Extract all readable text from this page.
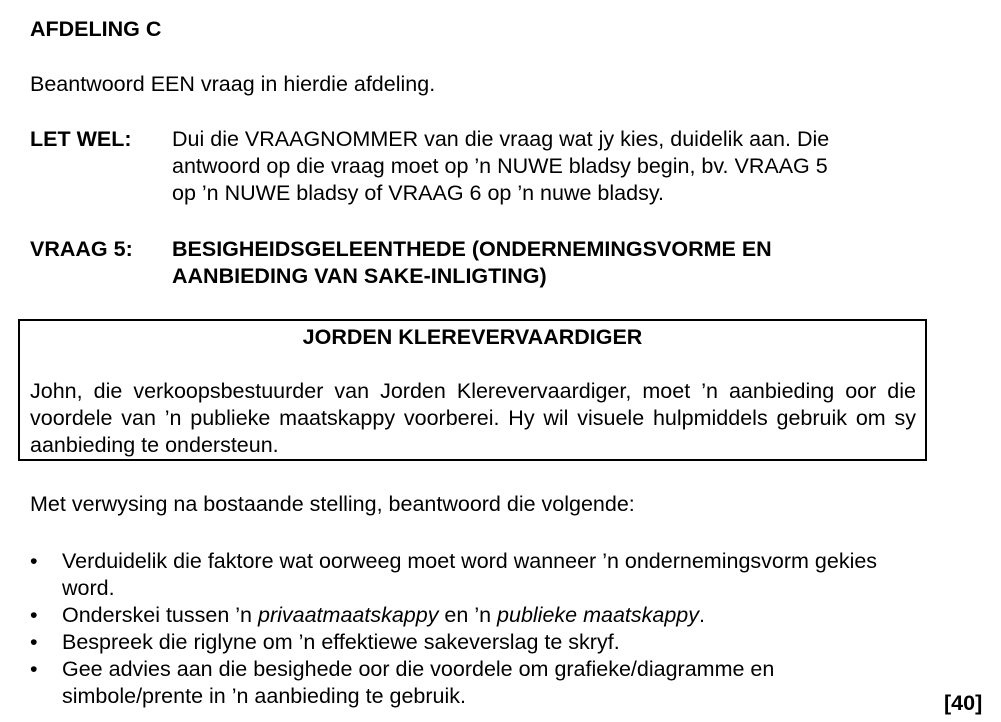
AFDELING C
Beantwoord EEN vraag in hierdie afdeling.
LET WEL: Dui die VRAAGNOMMER van die vraag wat jy kies, duidelik aan. Die
antwoord op die vraag moet op ’n NUWE bladsy begin, bv. VRAAG 5
op ’n NUWE bladsy of VRAAG 6 op ’n nuwe bladsy.
VRAAG 5: BESIGHEIDSGELEENTHEDE (ONDERNEMINGSVORME EN
AANBIEDING VAN SAKE-INLIGTING)
JORDEN KLEREVERVAARDIGER
John, die verkoopsbestuurder van Jorden Klerevervaardiger, moet ’n aanbieding oor die voordele van ’n publieke maatskappy voorberei. Hy wil visuele hulpmiddels gebruik om sy aanbieding te ondersteun.
Met verwysing na bostaande stelling, beantwoord die volgende:
• Verduidelik die faktore wat oorweeg moet word wanneer ’n ondernemingsvorm gekies word.
• Onderskei tussen ’n privaatmaatskappy en ’n publieke maatskappy.
• Bespreek die riglyne om ’n effektiewe sakeverslag te skryf.
• Gee advies aan die besighede oor die voordele om grafieke/diagramme en simbole/prente in ’n aanbieding te gebruik.	[40]
